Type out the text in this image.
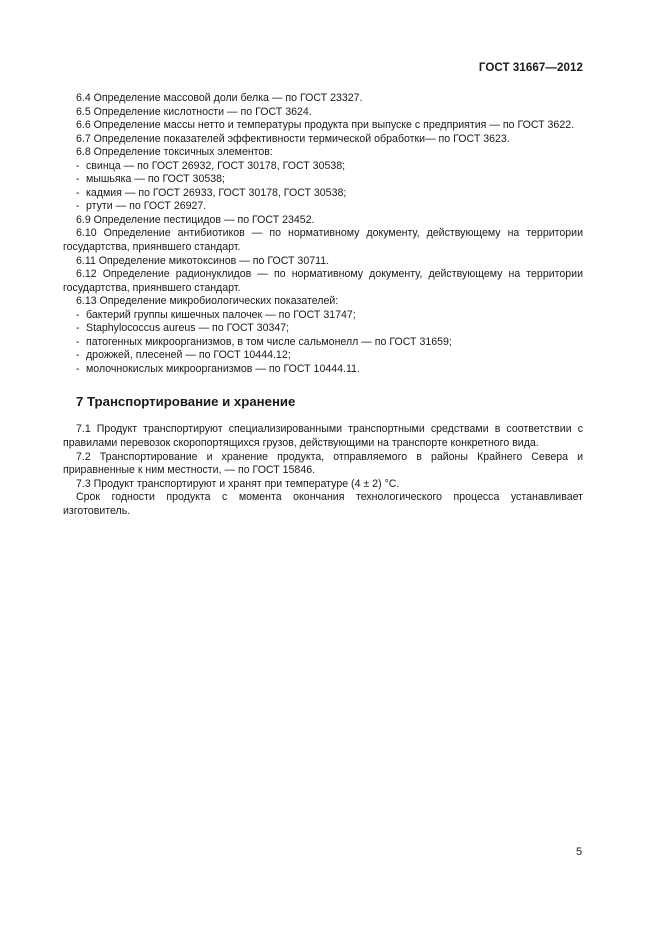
ГОСТ 31667—2012

6.4 Определение массовой доли белка — по ГОСТ 23327.

6.5 Определение кислотности — по ГОСТ 3624.

6.6 Определение массы нетто и температуры продукта при выпуске с предприятия — по ГОСТ 3622.

6.7 Определение показателей эффективности термической обработки— по ГОСТ 3623.

6.8 Определение токсичных элементов:

- свинца — по ГОСТ 26932, ГОСТ 30178, ГОСТ 30538;
- мышьяка — по ГОСТ 30538;
- кадмия — по ГОСТ 26933, ГОСТ 30178, ГОСТ 30538;
- ртути — по ГОСТ 26927.

6.9 Определение пестицидов — по ГОСТ 23452.

6.10 Определение антибиотиков — по нормативному документу, действующему на территории государтства, приянвшего стандарт.

6.11 Определение микотоксинов — по ГОСТ 30711.

6.12 Определение радионуклидов — по нормативному документу, действующему на территории государтства, приянвшего стандарт.

6.13 Определение микробиологических показателей:

- бактерий группы кишечных палочек — по ГОСТ 31747;
- Staphylococcus aureus — по ГОСТ 30347;
- патогенных микроорганизмов, в том числе сальмонелл — по ГОСТ 31659;
- дрожжей, плесеней — по ГОСТ 10444.12;
- молочнокислых микроорганизмов — по ГОСТ 10444.11.
7 Транспортирование и хранение

7.1 Продукт транспортируют специализированными транспортными средствами в соответствии с правилами перевозок скоропортящихся грузов, действующими на транспорте конкретного вида.

7.2 Транспортирование и хранение продукта, отправляемого в районы Крайнего Севера и приравненные к ним местности, — по ГОСТ 15846.

7.3 Продукт транспортируют и хранят при температуре (4 ± 2) °С.

Срок годности продукта с момента окончания технологического процесса устанавливает изготовитель.

5
